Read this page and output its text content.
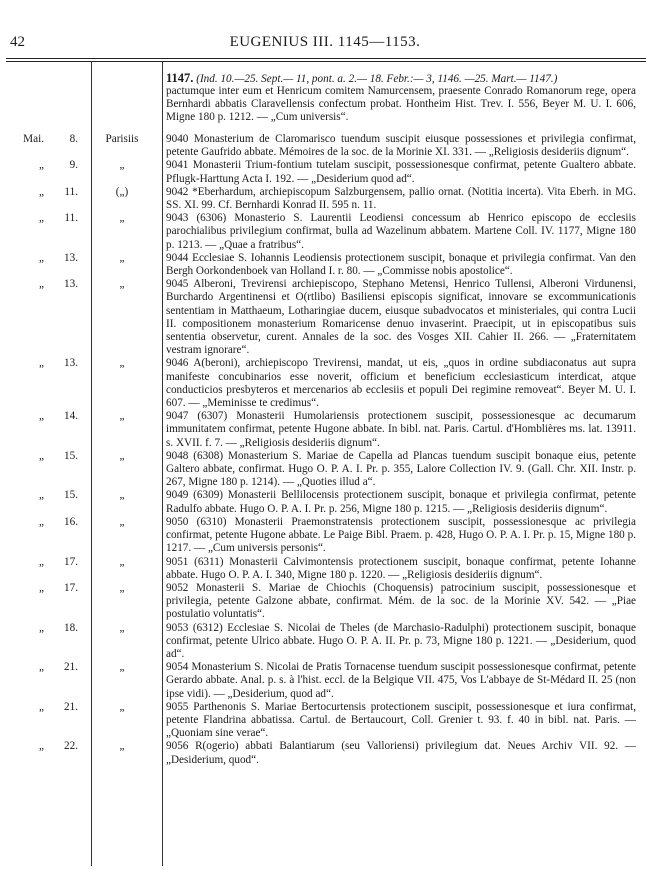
42	EUGENIUS III. 1145—1153.
1147. (Ind. 10.—25. Sept.— 11, pont. a. 2.— 18. Febr.:— 3, 1146. —25. Mart.— 1147.)
pactumque inter eum et Henricum comitem Namurcensem, praesente Conrado Romanorum rege, opera Bernhardi abbatis Claravellensis confectum probat. Hontheim Hist. Trev. I. 556, Beyer M. U. I. 606, Migne 180 p. 1212. — „Cum universis“.
Mai.	8.	Parisiis	9040 Monasterium de Claromarisco tuendum suscipit eiusque possessiones et privilegia confirmat, petente Gaufrido abbate. Mémoires de la soc. de la Morinie XI. 331. — „Religiosis desideriis dignum“.
„	9.	„	9041 Monasterii Trium-fontium tutelam suscipit, possessionesque confirmat, petente Gualtero abbate. Pflugk-Harttung Acta I. 192. — „Desiderium quod ad“.
„	11.	(„)	9042 *Eberhardum, archiepiscopum Salzburgensem, pallio ornat. (Notitia incerta). Vita Eberh. in MG. SS. XI. 99. Cf. Bernhardi Konrad II. 595 n. 11.
„	11.	„	9043 (6306) Monasterio S. Laurentii Leodiensi concessum ab Henrico episcopo de ecclesiis parochialibus privilegium confirmat, bulla ad Wazelinum abbatem. Martene Coll. IV. 1177, Migne 180 p. 1213. — „Quae a fratribus“.
„	13.	„	9044 Ecclesiae S. Iohannis Leodiensis protectionem suscipit, bonaque et privilegia confirmat. Van den Bergh Oorkondenboek van Holland I. r. 80. — „Commisse nobis apostolice“.
„	13.	„	9045 Alberoni, Trevirensi archiepiscopo, Stephano Metensi, Henrico Tullensi, Alberoni Virdunensi, Burchardo Argentinensi et O(rtlibo) Basiliensi episcopis significat, innovare se excommunicationis sententiam in Matthaeum, Lotharingiae ducem, eiusque subadvocatos et ministeriales, qui contra Lucii II. compositionem monasterium Romaricense denuo invaserint. Praecipit, ut in episcopatibus suis sententia observetur, curent. Annales de la soc. des Vosges XII. Cahier II. 266. — „Fraternitatem vestram ignorare“.
„	13.	„	9046 A(beroni), archiepiscopo Trevirensi, mandat, ut eis, „quos in ordine subdiaconatus aut supra manifeste concubinarios esse noverit, officium et beneficium ecclesiasticum interdicat, atque conducticios presbyteros et mercenarios ab ecclesiis et populi Dei regimine removeat“. Beyer M. U. I. 607. — „Meminisse te credimus“.
„	14.	„	9047 (6307) Monasterii Humolariensis protectionem suscipit, possessionesque ac decumarum immunitatem confirmat, petente Hugone abbate. In bibl. nat. Paris. Cartul. d'Homblières ms. lat. 13911. s. XVII. f. 7. — „Religiosis desideriis dignum“.
„	15.	„	9048 (6308) Monasterium S. Mariae de Capella ad Plancas tuendum suscipit bonaque eius, petente Galtero abbate, confirmat. Hugo O. P. A. I. Pr. p. 355, Lalore Collection IV. 9. (Gall. Chr. XII. Instr. p. 267, Migne 180 p. 1214). — „Quoties illud a“.
„	15.	„	9049 (6309) Monasterii Bellilocensis protectionem suscipit, bonaque et privilegia confirmat, petente Radulfo abbate. Hugo O. P. A. I. Pr. p. 256, Migne 180 p. 1215. — „Religiosis desideriis dignum“.
„	16.	„	9050 (6310) Monasterii Praemonstratensis protectionem suscipit, possessionesque ac privilegia confirmat, petente Hugone abbate. Le Paige Bibl. Praem. p. 428, Hugo O. P. A. I. Pr. p. 15, Migne 180 p. 1217. — „Cum universis personis“.
„	17.	„	9051 (6311) Monasterii Calvimontensis protectionem suscipit, bonaque confirmat, petente Iohanne abbate. Hugo O. P. A. I. 340, Migne 180 p. 1220. — „Religiosis desideriis dignum“.
„	17.	„	9052 Monasterii S. Mariae de Chiochis (Choquensis) patrocinium suscipit, possessionesque et privilegia, petente Galzone abbate, confirmat. Mém. de la soc. de la Morinie XV. 542. — „Piae postulatio voluntatis“.
„	18.	„	9053 (6312) Ecclesiae S. Nicolai de Theles (de Marchasio-Radulphi) protectionem suscipit, bonaque confirmat, petente Ulrico abbate. Hugo O. P. A. II. Pr. p. 73, Migne 180 p. 1221. — „Desiderium, quod ad“.
„	21.	„	9054 Monasterium S. Nicolai de Pratis Tornacense tuendum suscipit possessionesque confirmat, petente Gerardo abbate. Anal. p. s. à l'hist. eccl. de la Belgique VII. 475, Vos L'abbaye de St-Médard II. 25 (non ipse vidi). — „Desiderium, quod ad“.
„	21.	„	9055 Parthenonis S. Mariae Bertocurtensis protectionem suscipit, possessionesque et iura confirmat, petente Flandrina abbatissa. Cartul. de Bertaucourt, Coll. Grenier t. 93. f. 40 in bibl. nat. Paris. — „Quoniam sine verae“.
„	22.	„	9056 R(ogerio) abbati Balantiarum (seu Valloriensi) privilegium dat. Neues Archiv VII. 92. — „Desiderium, quod“.
